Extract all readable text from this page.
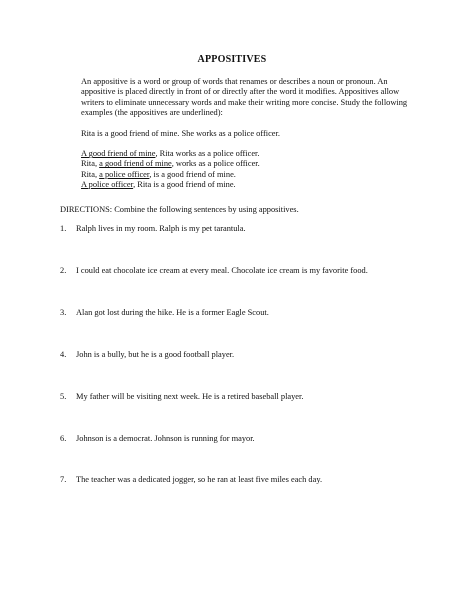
APPOSITIVES
An appositive is a word or group of words that renames or describes a noun or pronoun. An
appositive is placed directly in front of or directly after the word it modifies. Appositives allow
writers to eliminate unnecessary words and make their writing more concise. Study the following
examples (the appositives are underlined):
Rita is a good friend of mine. She works as a police officer.
A good friend of mine, Rita works as a police officer.
Rita, a good friend of mine, works as a police officer.
Rita, a police officer, is a good friend of mine.
A police officer, Rita is a good friend of mine.
DIRECTIONS: Combine the following sentences by using appositives.
1. Ralph lives in my room. Ralph is my pet tarantula.
2. I could eat chocolate ice cream at every meal. Chocolate ice cream is my favorite food.
3. Alan got lost during the hike. He is a former Eagle Scout.
4. John is a bully, but he is a good football player.
5. My father will be visiting next week. He is a retired baseball player.
6. Johnson is a democrat. Johnson is running for mayor.
7. The teacher was a dedicated jogger, so he ran at least five miles each day.
